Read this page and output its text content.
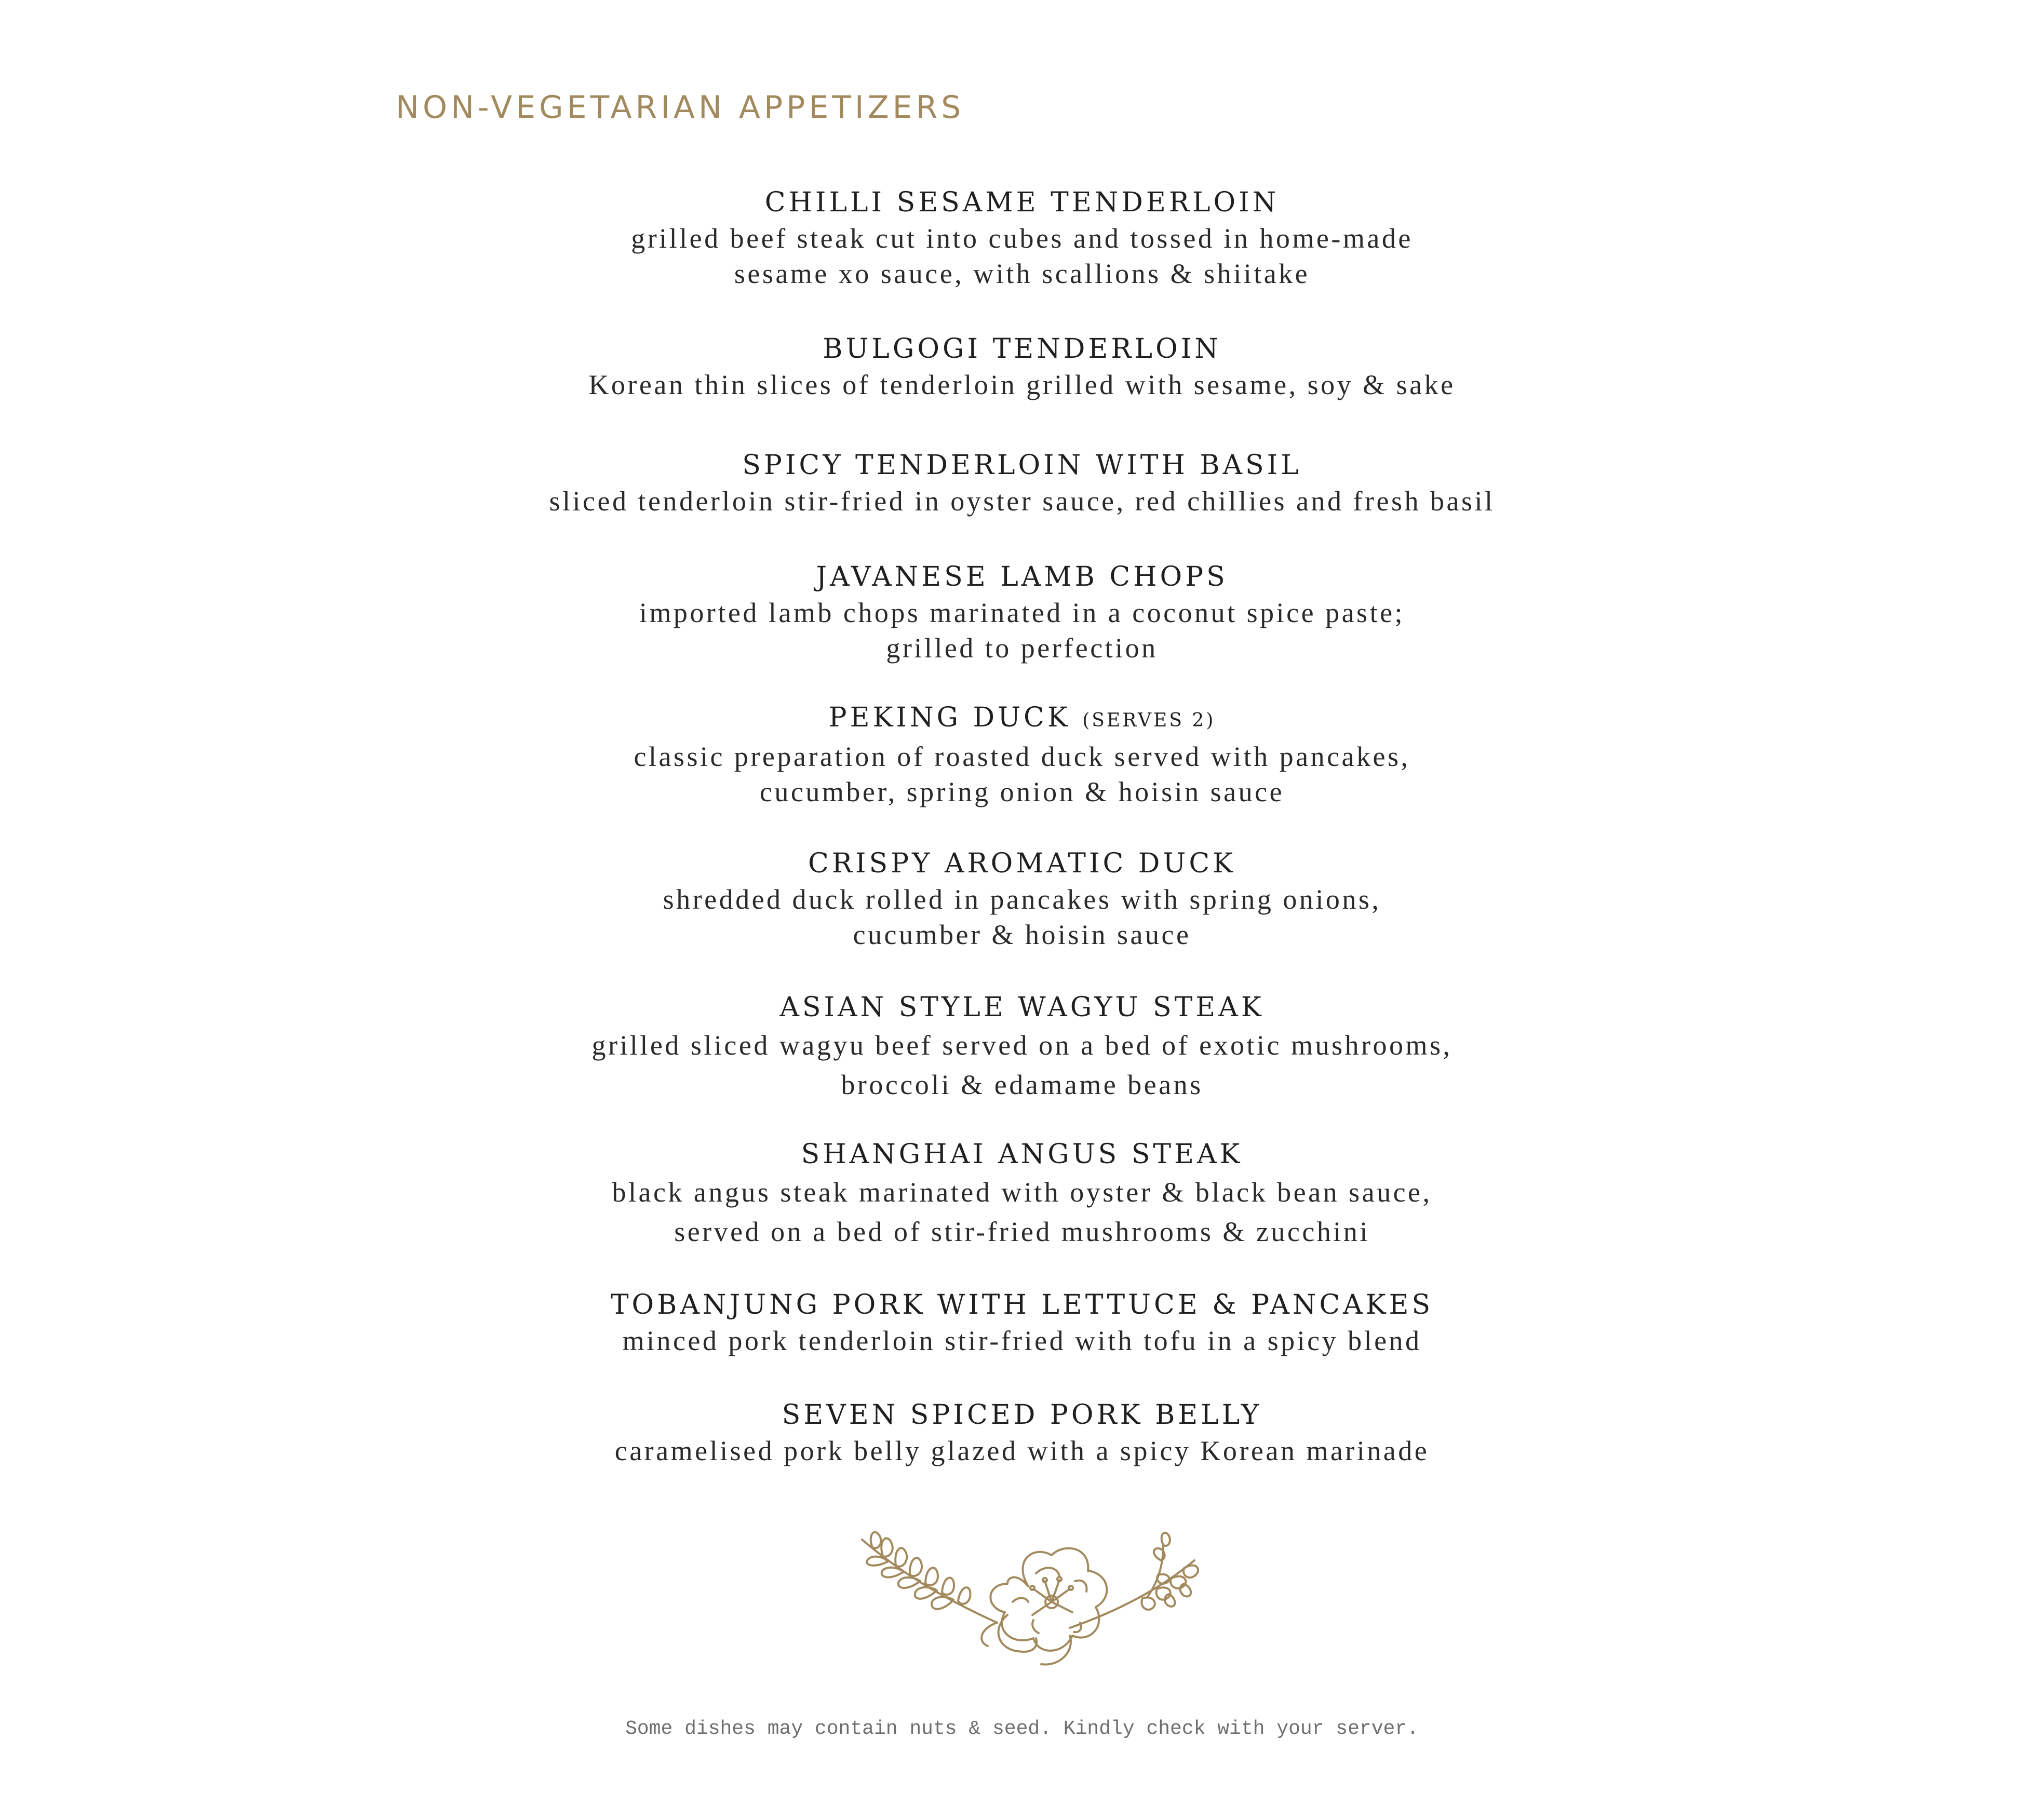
NON-VEGETARIAN APPETIZERS
CHILLI SESAME TENDERLOIN

grilled beef steak cut into cubes and tossed in home-made

sesame xo sauce, with scallions & shiitake

BULGOGI TENDERLOIN

Korean thin slices of tenderloin grilled with sesame, soy & sake

SPICY TENDERLOIN WITH BASIL

sliced tenderloin stir-fried in oyster sauce, red chillies and fresh basil

JAVANESE LAMB CHOPS

imported lamb chops marinated in a coconut spice paste;

grilled to perfection

PEKING DUCK (SERVES 2)

classic preparation of roasted duck served with pancakes,

cucumber, spring onion & hoisin sauce

CRISPY AROMATIC DUCK

shredded duck rolled in pancakes with spring onions,

cucumber & hoisin sauce

ASIAN STYLE WAGYU STEAK

grilled sliced wagyu beef served on a bed of exotic mushrooms,

broccoli & edamame beans

SHANGHAI ANGUS STEAK

black angus steak marinated with oyster & black bean sauce,

served on a bed of stir-fried mushrooms & zucchini

TOBANJUNG PORK WITH LETTUCE & PANCAKES

minced pork tenderloin stir-fried with tofu in a spicy blend

SEVEN SPICED PORK BELLY

caramelised pork belly glazed with a spicy Korean marinade

Some dishes may contain nuts & seed. Kindly check with your server.
